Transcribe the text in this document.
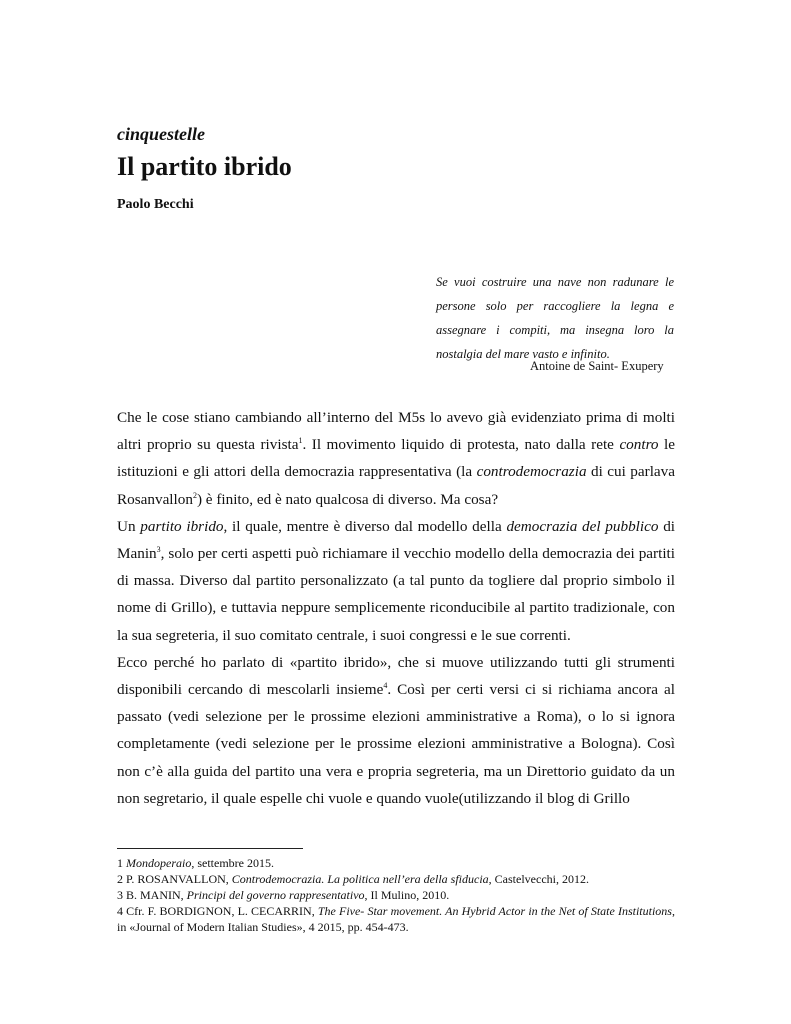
cinquestelle
Il partito ibrido
Paolo Becchi
Se vuoi costruire una nave non radunare le persone solo per raccogliere la legna e assegnare i compiti, ma insegna loro la nostalgia del mare vasto e infinito.
Antoine de Saint- Exupery

Che le cose stiano cambiando all’interno del M5s lo avevo già evidenziato prima di molti altri proprio su questa rivista$^1$. Il movimento liquido di protesta, nato dalla rete contro le istituzioni e gli attori della democrazia rappresentativa (la controdemocrazia di cui parlava Rosanvallon$^2$) è finito, ed è nato qualcosa di diverso. Ma cosa?

Un partito ibrido, il quale, mentre è diverso dal modello della democrazia del pubblico di Manin$^3$, solo per certi aspetti può richiamare il vecchio modello della democrazia dei partiti di massa. Diverso dal partito personalizzato (a tal punto da togliere dal proprio simbolo il nome di Grillo), e tuttavia neppure semplicemente riconducibile al partito tradizionale, con la sua segreteria, il suo comitato centrale, i suoi congressi e le sue correnti.

Ecco perché ho parlato di «partito ibrido», che si muove utilizzando tutti gli strumenti disponibili cercando di mescolarli insieme$^4$. Così per certi versi ci si richiama ancora al passato (vedi selezione per le prossime elezioni amministrative a Roma), o lo si ignora completamente (vedi selezione per le prossime elezioni amministrative a Bologna). Così non c’è alla guida del partito una vera e propria segreteria, ma un Direttorio guidato da un non segretario, il quale espelle chi vuole e quando vuole(utilizzando il blog di Grillo

1 Mondoperaio, settembre 2015.

2 P. ROSANVALLON, Controdemocrazia. La politica nell’era della sfiducia, Castelvecchi, 2012.

3 B. MANIN, Principi del governo rappresentativo, Il Mulino, 2010.

4 Cfr. F. BORDIGNON, L. CECARRIN, The Five- Star movement. An Hybrid Actor in the Net of State Institutions, in «Journal of Modern Italian Studies», 4 2015, pp. 454-473.
